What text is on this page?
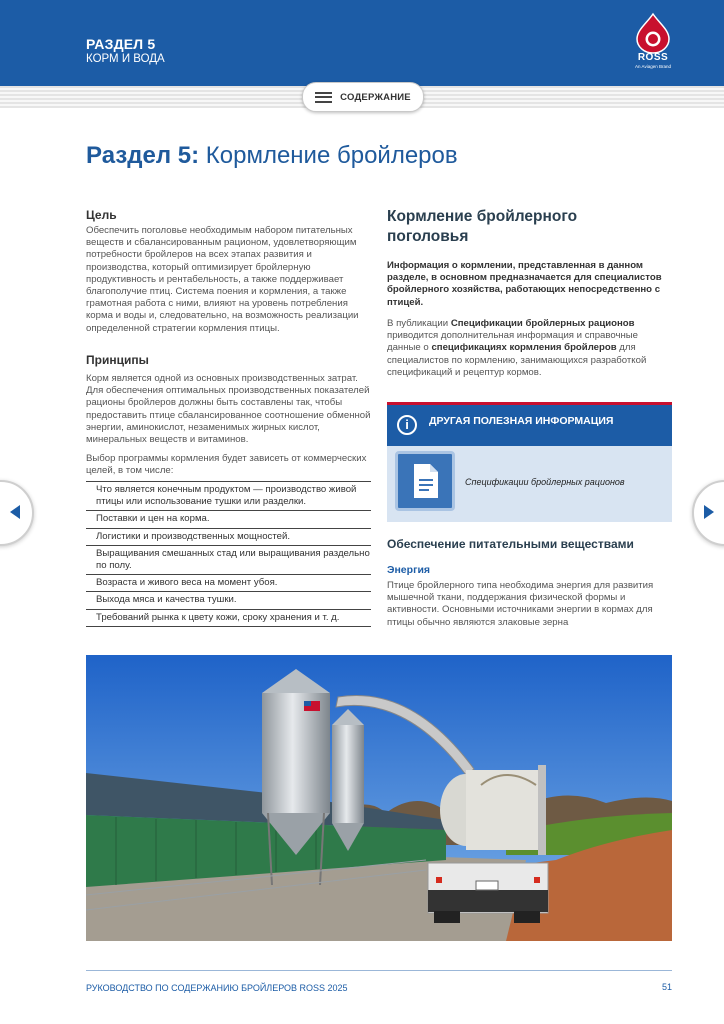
РАЗДЕЛ 5
КОРМ И ВОДА	ROSS
An Aviagen Brand
СОДЕРЖАНИЕ
Раздел 5: Кормление бройлеров
Цель
Обеспечить поголовье необходимым набором питательных веществ и сбалансированным рационом, удовлетворяющим потребности бройлеров на всех этапах развития и производства, который оптимизирует бройлерную продуктивность и рентабельность, а также поддерживает благополучие птиц. Система поения и кормления, а также грамотная работа с ними, влияют на уровень потребления корма и воды и, следовательно, на возможность реализации определенной стратегии кормления птицы.
Принципы
Корм является одной из основных производственных затрат. Для обеспечения оптимальных производственных показателей рационы бройлеров должны быть составлены так, чтобы предоставить птице сбалансированное соотношение обменной энергии, аминокислот, незаменимых жирных кислот, минеральных веществ и витаминов.
Выбор программы кормления будет зависеть от коммерческих целей, в том числе:
Что является конечным продуктом — производство живой птицы или использование тушки или разделки.
Поставки и цен на корма.
Логистики и производственных мощностей.
Выращивания смешанных стад или выращивания раздельно по полу.
Возраста и живого веса на момент убоя.
Выхода мяса и качества тушки.
Требований рынка к цвету кожи, сроку хранения и т. д.
Кормление бройлерного поголовья
Информация о кормлении, представленная в данном разделе, в основном предназначается для специалистов бройлерного хозяйства, работающих непосредственно с птицей.
В публикации Спецификации бройлерных рационов приводится дополнительная информация и справочные данные о спецификациях кормления бройлеров для специалистов по кормлению, занимающихся разработкой спецификаций и рецептур кормов.
i	ДРУГАЯ ПОЛЕЗНАЯ ИНФОРМАЦИЯ
Спецификации бройлерных рационов
Обеспечение питательными веществами
Энергия
Птице бройлерного типа необходима энергия для развития мышечной ткани, поддержания физической формы и активности. Основными источниками энергии в кормах для птицы обычно являются злаковые зерна
РУКОВОДСТВО ПО СОДЕРЖАНИЮ БРОЙЛЕРОВ ROSS 2025	51
